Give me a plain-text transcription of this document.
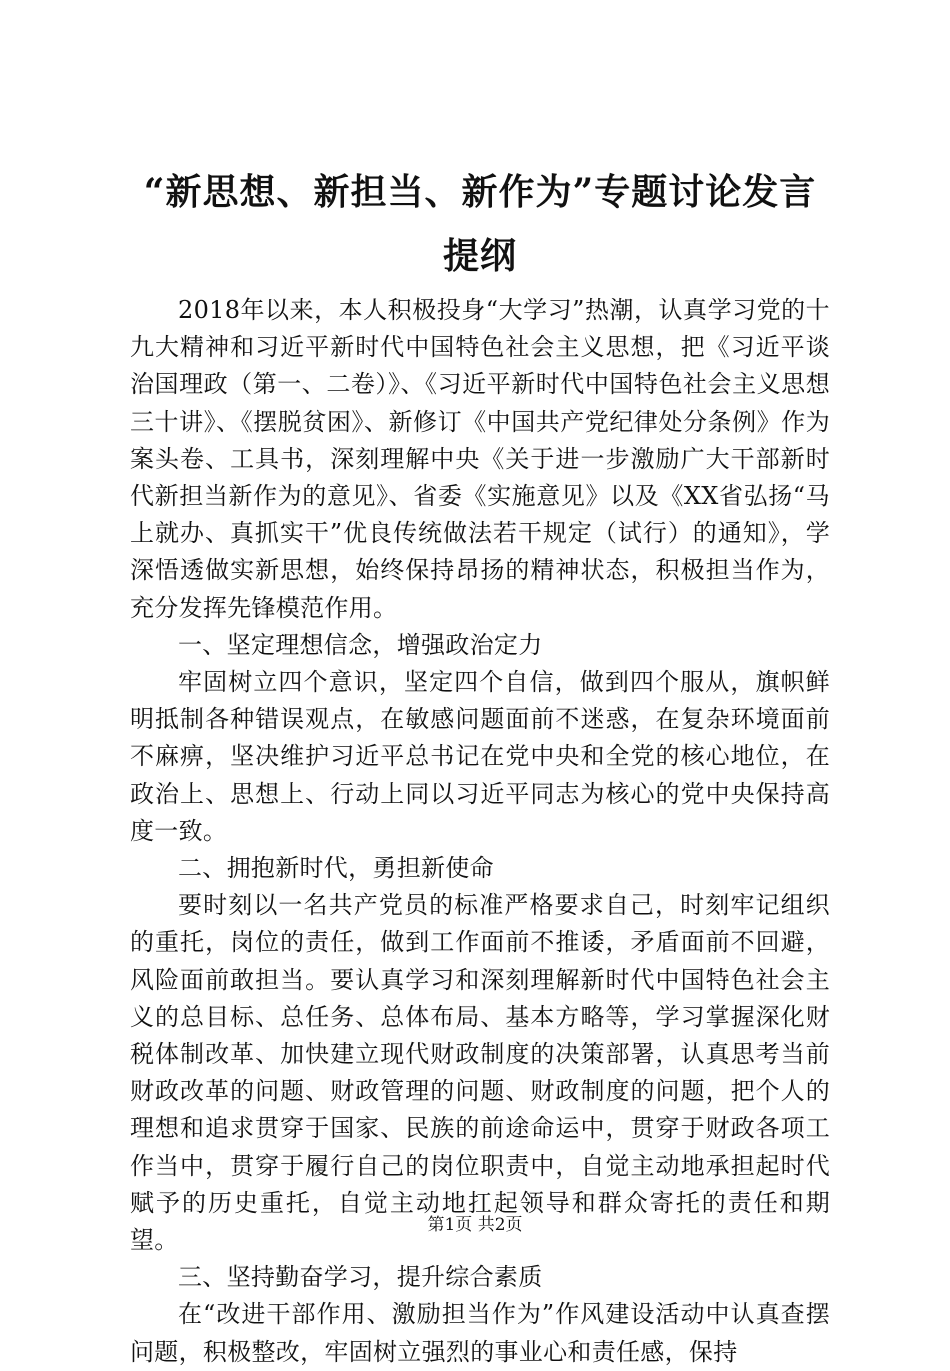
“新思想、新担当、新作为”专题讨论发言提纲

2018年以来，本人积极投身“大学习”热潮，认真学习党的十九大精神和习近平新时代中国特色社会主义思想，把《习近平谈治国理政（第一、二卷）》、《习近平新时代中国特色社会主义思想三十讲》、《摆脱贫困》、新修订《中国共产党纪律处分条例》作为案头卷、工具书，深刻理解中央《关于进一步激励广大干部新时代新担当新作为的意见》、省委《实施意见》以及《XX省弘扬“马上就办、真抓实干”优良传统做法若干规定（试行）的通知》，学深悟透做实新思想，始终保持昂扬的精神状态，积极担当作为，充分发挥先锋模范作用。

一、坚定理想信念，增强政治定力

牢固树立四个意识，坚定四个自信，做到四个服从，旗帜鲜明抵制各种错误观点，在敏感问题面前不迷惑，在复杂环境面前不麻痹，坚决维护习近平总书记在党中央和全党的核心地位，在政治上、思想上、行动上同以习近平同志为核心的党中央保持高度一致。

二、拥抱新时代，勇担新使命

要时刻以一名共产党员的标准严格要求自己，时刻牢记组织的重托，岗位的责任，做到工作面前不推诿，矛盾面前不回避，风险面前敢担当。要认真学习和深刻理解新时代中国特色社会主义的总目标、总任务、总体布局、基本方略等，学习掌握深化财税体制改革、加快建立现代财政制度的决策部署，认真思考当前财政改革的问题、财政管理的问题、财政制度的问题，把个人的理想和追求贯穿于国家、民族的前途命运中，贯穿于财政各项工作当中，贯穿于履行自己的岗位职责中，自觉主动地承担起时代赋予的历史重托，自觉主动地扛起领导和群众寄托的责任和期望。

三、坚持勤奋学习，提升综合素质

在“改进干部作用、激励担当作为”作风建设活动中认真查摆问题，积极整改，牢固树立强烈的事业心和责任感，保持

第1页 共2页
